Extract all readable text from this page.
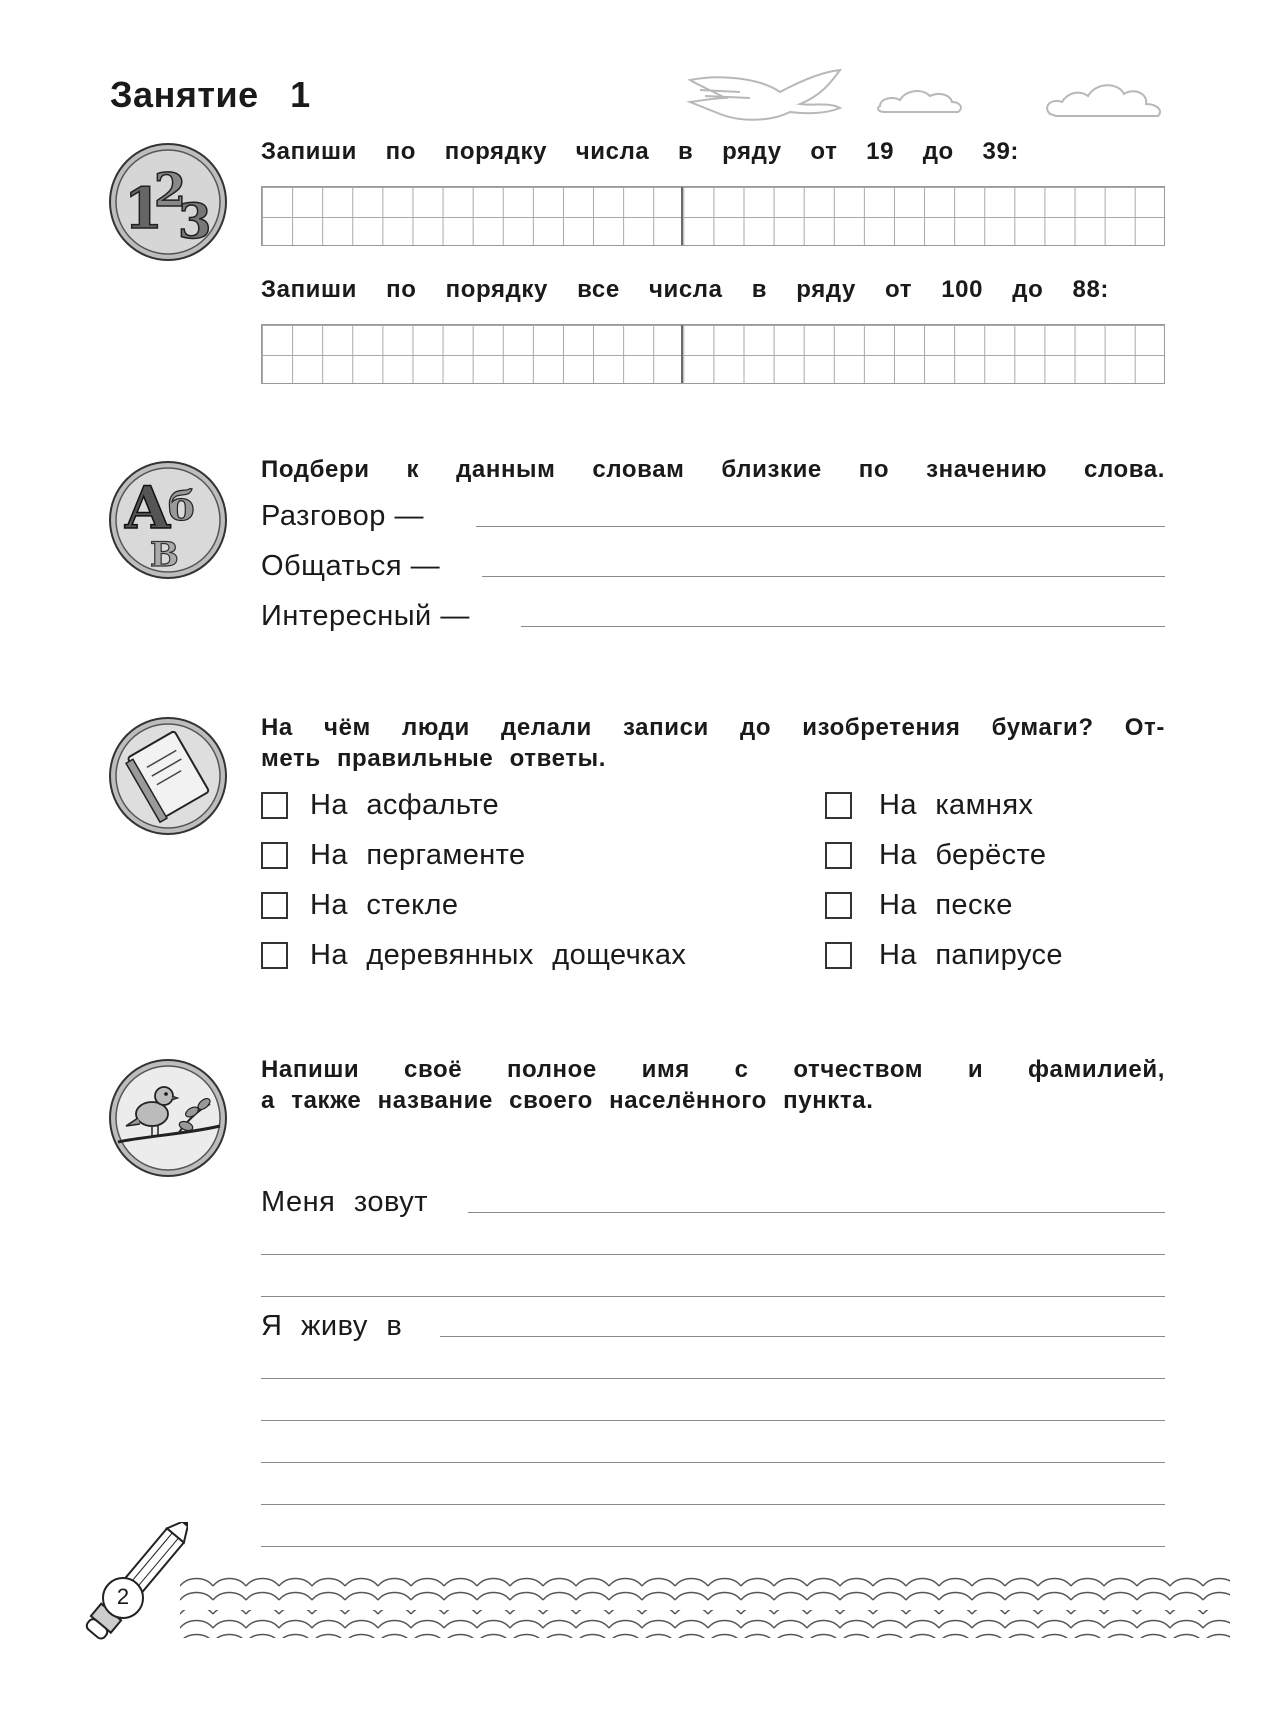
Занятие   1
1
2
3
Запиши по порядку числа в ряду от 19 до 39:
Запиши по порядку все числа в ряду от 100 до 88:
А
б
В
Подбери к данным словам близкие по значению слова.
Разговор —
Общаться —
Интересный —
На чём люди делали записи до изобретения бумаги? От-
меть правильные ответы.
На асфальте
На пергаменте
На стекле
На деревянных дощечках
На камнях
На берёсте
На песке
На папирусе
Напиши своё полное имя с отчеством и фамилией,
а также название своего населённого пункта.
Меня зовут
Я живу в
2
